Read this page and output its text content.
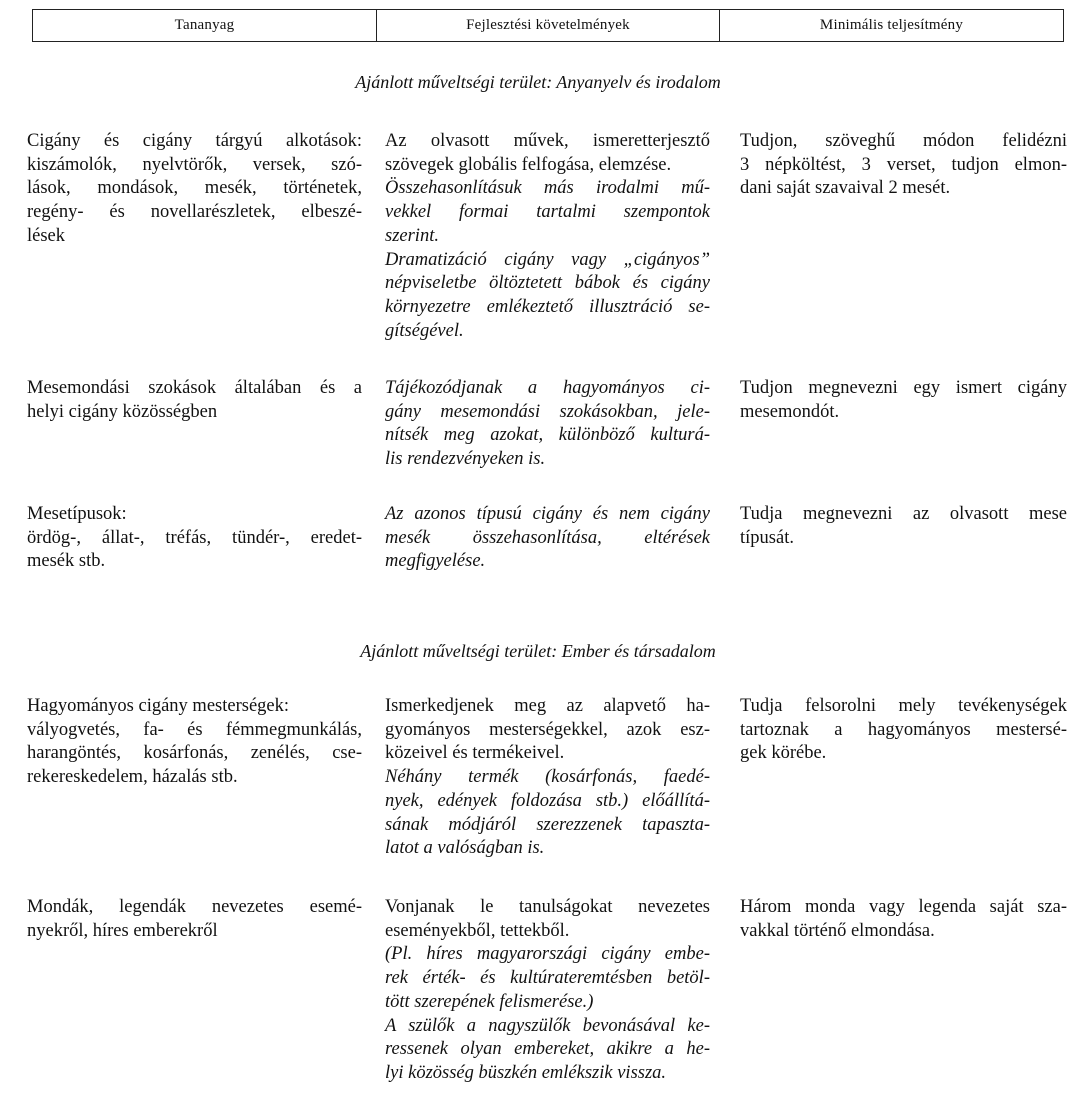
Tananyag	Fejlesztési követelmények	Minimális teljesítmény
Ajánlott műveltségi terület: Anyanyelv és irodalom
Cigány és cigány tárgyú alkotások:
kiszámolók, nyelvtörők, versek, szó-
lások, mondások, mesék, történetek,
regény- és novellarészletek, elbeszé-
lések
Az olvasott művek, ismeretterjesztő
szövegek globális felfogása, elemzése.
Összehasonlításuk más irodalmi mű-
vekkel formai tartalmi szempontok
szerint.
Dramatizáció cigány vagy „cigányos”
népviseletbe öltöztetett bábok és cigány
környezetre emlékeztető illusztráció se-
gítségével.
Tudjon, szöveghű módon felidézni
3 népköltést, 3 verset, tudjon elmon-
dani saját szavaival 2 mesét.
Mesemondási szokások általában és a
helyi cigány közösségben
Tájékozódjanak a hagyományos ci-
gány mesemondási szokásokban, jele-
nítsék meg azokat, különböző kulturá-
lis rendezvényeken is.
Tudjon megnevezni egy ismert cigány
mesemondót.
Mesetípusok:
ördög-, állat-, tréfás, tündér-, eredet-
mesék stb.
Az azonos típusú cigány és nem cigány
mesék összehasonlítása, eltérések
megfigyelése.
Tudja megnevezni az olvasott mese
típusát.
Ajánlott műveltségi terület: Ember és társadalom
Hagyományos cigány mesterségek:
vályogvetés, fa- és fémmegmunkálás,
harangöntés, kosárfonás, zenélés, cse-
rekereskedelem, házalás stb.
Ismerkedjenek meg az alapvető ha-
gyományos mesterségekkel, azok esz-
közeivel és termékeivel.
Néhány termék (kosárfonás, faedé-
nyek, edények foldozása stb.) előállítá-
sának módjáról szerezzenek tapaszta-
latot a valóságban is.
Tudja felsorolni mely tevékenységek
tartoznak a hagyományos mestersé-
gek körébe.
Mondák, legendák nevezetes esemé-
nyekről, híres emberekről
Vonjanak le tanulságokat nevezetes
eseményekből, tettekből.
(Pl. híres magyarországi cigány embe-
rek érték- és kultúrateremtésben betöl-
tött szerepének felismerése.)
A szülők a nagyszülők bevonásával ke-
ressenek olyan embereket, akikre a he-
lyi közösség büszkén emlékszik vissza.
Három monda vagy legenda saját sza-
vakkal történő elmondása.
